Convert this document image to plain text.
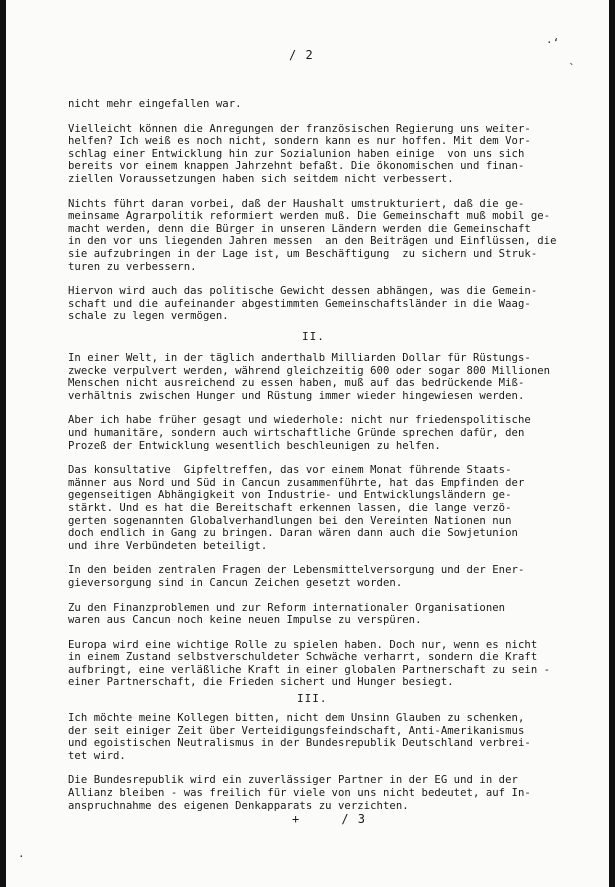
·‘
ˎ
/ 2
nicht mehr eingefallen war.
Vielleicht können die Anregungen der französischen Regierung uns weiter-
helfen? Ich weiß es noch nicht, sondern kann es nur hoffen. Mit dem Vor-
schlag einer Entwicklung hin zur Sozialunion haben einige  von uns sich
bereits vor einem knappen Jahrzehnt befaßt. Die ökonomischen und finan-
ziellen Voraussetzungen haben sich seitdem nicht verbessert.
Nichts führt daran vorbei, daß der Haushalt umstrukturiert, daß die ge-
meinsame Agrarpolitik reformiert werden muß. Die Gemeinschaft muß mobil ge-
macht werden, denn die Bürger in unseren Ländern werden die Gemeinschaft
in den vor uns liegenden Jahren messen  an den Beiträgen und Einflüssen, die
sie aufzubringen in der Lage ist, um Beschäftigung  zu sichern und Struk-
turen zu verbessern.
Hiervon wird auch das politische Gewicht dessen abhängen, was die Gemein-
schaft und die aufeinander abgestimmten Gemeinschaftsländer in die Waag-
schale zu legen vermögen.
II.
In einer Welt, in der täglich anderthalb Milliarden Dollar für Rüstungs-
zwecke verpulvert werden, während gleichzeitig 600 oder sogar 800 Millionen
Menschen nicht ausreichend zu essen haben, muß auf das bedrückende Miß-
verhältnis zwischen Hunger und Rüstung immer wieder hingewiesen werden.
Aber ich habe früher gesagt und wiederhole: nicht nur friedenspolitische
und humanitäre, sondern auch wirtschaftliche Gründe sprechen dafür, den
Prozeß der Entwicklung wesentlich beschleunigen zu helfen.
Das konsultative  Gipfeltreffen, das vor einem Monat führende Staats-
männer aus Nord und Süd in Cancun zusammenführte, hat das Empfinden der
gegenseitigen Abhängigkeit von Industrie- und Entwicklungsländern ge-
stärkt. Und es hat die Bereitschaft erkennen lassen, die lange verzö-
gerten sogenannten Globalverhandlungen bei den Vereinten Nationen nun
doch endlich in Gang zu bringen. Daran wären dann auch die Sowjetunion
und ihre Verbündeten beteiligt.
In den beiden zentralen Fragen der Lebensmittelversorgung und der Ener-
gieversorgung sind in Cancun Zeichen gesetzt worden.
Zu den Finanzproblemen und zur Reform internationaler Organisationen
waren aus Cancun noch keine neuen Impulse zu verspüren.
Europa wird eine wichtige Rolle zu spielen haben. Doch nur, wenn es nicht
in einem Zustand selbstverschuldeter Schwäche verharrt, sondern die Kraft
aufbringt, eine verläßliche Kraft in einer globalen Partnerschaft zu sein -
einer Partnerschaft, die Frieden sichert und Hunger besiegt.
III.
Ich möchte meine Kollegen bitten, nicht dem Unsinn Glauben zu schenken,
der seit einiger Zeit über Verteidigungsfeindschaft, Anti-Amerikanismus
und egoistischen Neutralismus in der Bundesrepublik Deutschland verbrei-
tet wird.
Die Bundesrepublik wird ein zuverlässiger Partner in der EG und in der
Allianz bleiben - was freilich für viele von uns nicht bedeutet, auf In-
anspruchnahme des eigenen Denkapparats zu verzichten.
+     / 3
·
